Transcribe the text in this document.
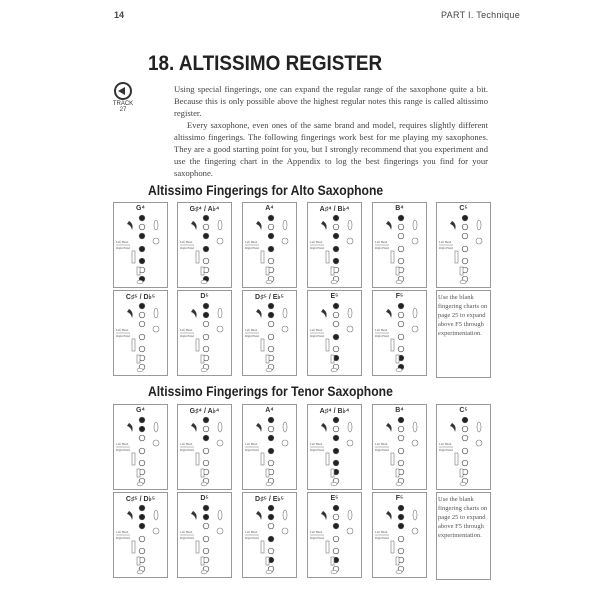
14	PART I. Technique
18. ALTISSIMO REGISTER
TRACK 27
Using special fingerings, one can expand the regular range of the saxophone quite a bit. Because this is only possible above the highest regular notes this range is called altissimo register.
Every saxophone, even ones of the same brand and model, requires slightly different altissimo fingerings. The following fingerings work best for me playing my saxophones. They are a good starting point for you, but I strongly recommend that you experiment and use the fingering chart in the Appendix to log the best fingerings you find for your saxophone.
Altissimo Fingerings for Alto Saxophone
G⁴
Left Hand
Right Hand
G♯⁴ / A♭⁴
Left Hand
Right Hand
A⁴
Left Hand
Right Hand
A♯⁴ / B♭⁴
Left Hand
Right Hand
B⁴
Left Hand
Right Hand
C⁵
Left Hand
Right Hand
C♯⁵ / D♭⁵
Left Hand
Right Hand
D⁵
Left Hand
Right Hand
D♯⁵ / E♭⁵
Left Hand
Right Hand
E⁵
Left Hand
Right Hand
F⁵
Left Hand
Right Hand
Use the blank fingering charts on page 25 to expand above F5 through experimentation.
Altissimo Fingerings for Tenor Saxophone
G⁴
Left Hand
Right Hand
G♯⁴ / A♭⁴
Left Hand
Right Hand
A⁴
Left Hand
Right Hand
A♯⁴ / B♭⁴
Left Hand
Right Hand
B⁴
Left Hand
Right Hand
C⁵
Left Hand
Right Hand
C♯⁵ / D♭⁵
Left Hand
Right Hand
D⁵
Left Hand
Right Hand
D♯⁵ / E♭⁵
Left Hand
Right Hand
E⁵
Left Hand
Right Hand
F⁵
Left Hand
Right Hand
Use the blank fingering charts on page 25 to expand above F5 through experimentation.
